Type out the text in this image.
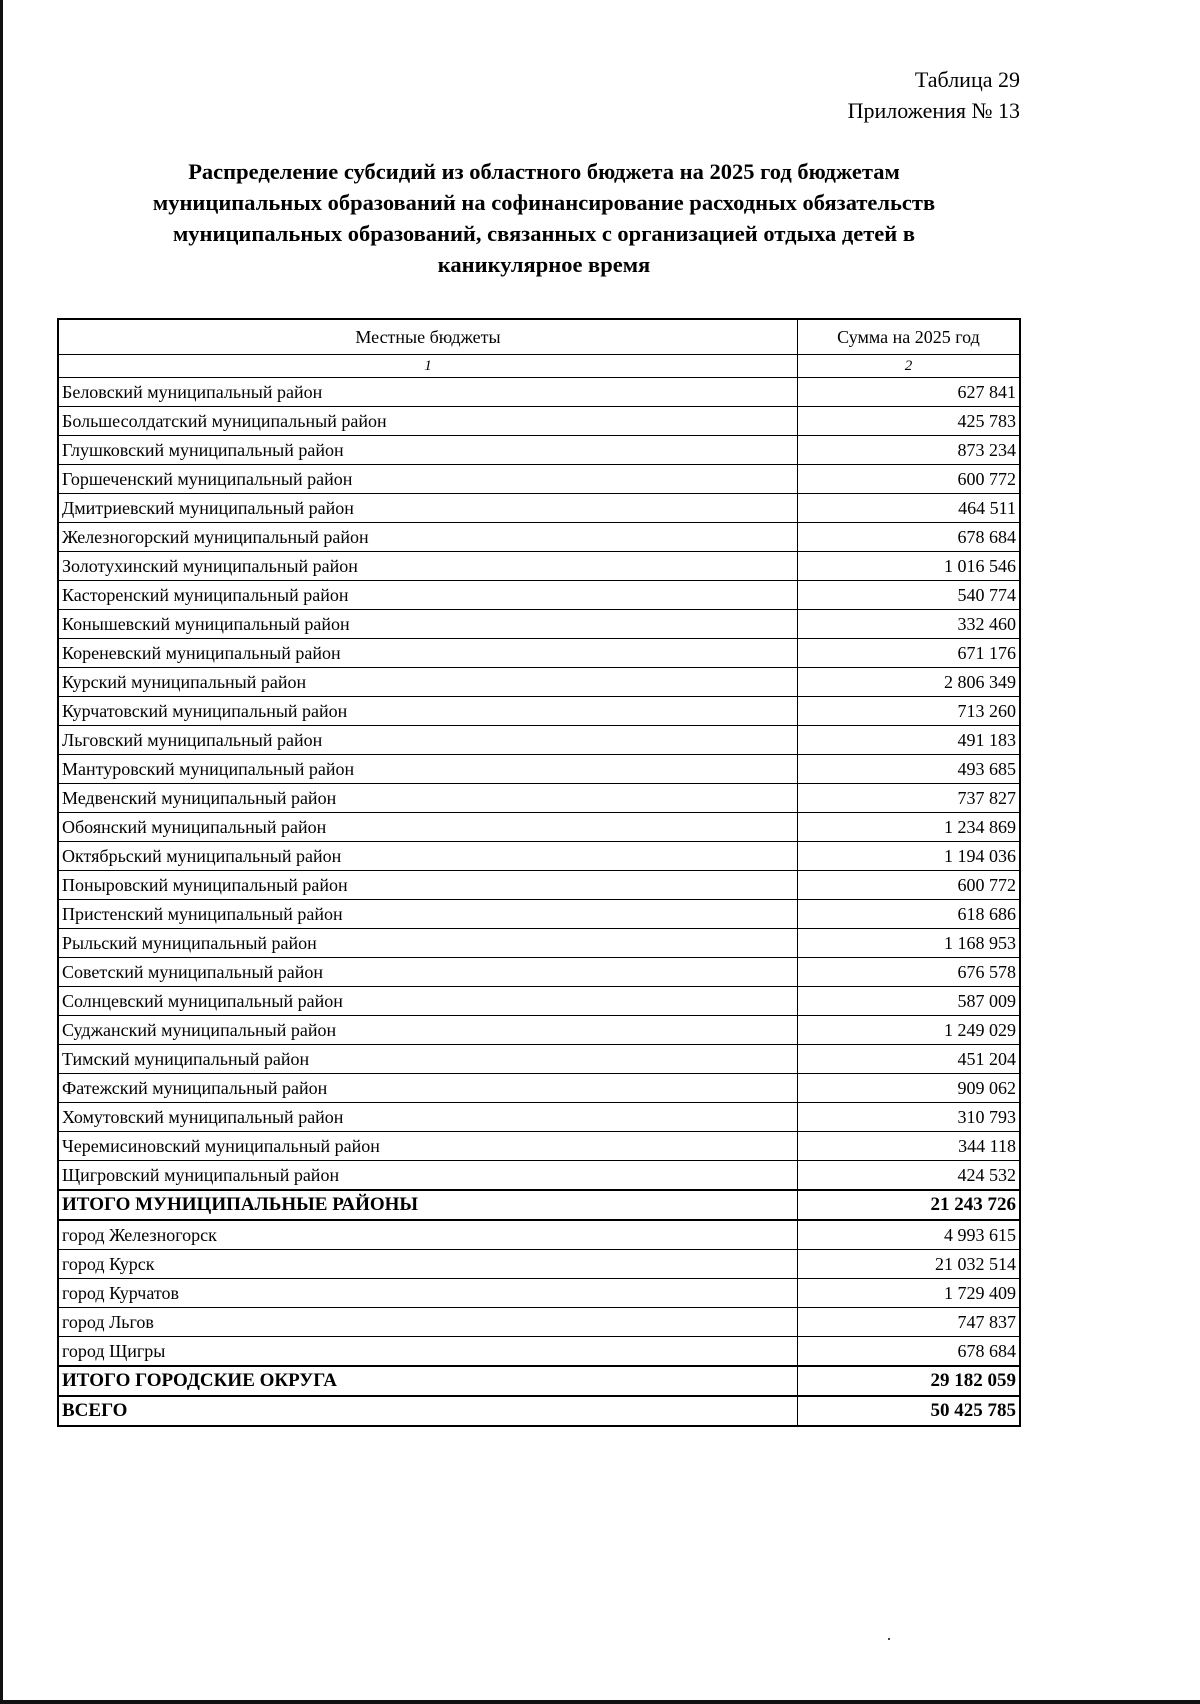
Таблица 29
Приложения № 13
Распределение субсидий из областного бюджета на 2025 год бюджетам
муниципальных образований на софинансирование расходных обязательств
муниципальных образований, связанных с организацией отдыха детей в
каникулярное время
Местные бюджеты	Сумма на 2025 год
1	2
Беловский муниципальный район	627 841
Большесолдатский муниципальный район	425 783
Глушковский муниципальный район	873 234
Горшеченский муниципальный район	600 772
Дмитриевский муниципальный район	464 511
Железногорский муниципальный район	678 684
Золотухинский муниципальный район	1 016 546
Касторенский муниципальный район	540 774
Конышевский муниципальный район	332 460
Кореневский муниципальный район	671 176
Курский муниципальный район	2 806 349
Курчатовский муниципальный район	713 260
Льговский муниципальный район	491 183
Мантуровский муниципальный район	493 685
Медвенский муниципальный район	737 827
Обоянский муниципальный район	1 234 869
Октябрьский муниципальный район	1 194 036
Поныровский муниципальный район	600 772
Пристенский муниципальный район	618 686
Рыльский муниципальный район	1 168 953
Советский муниципальный район	676 578
Солнцевский муниципальный район	587 009
Суджанский муниципальный район	1 249 029
Тимский муниципальный район	451 204
Фатежский муниципальный район	909 062
Хомутовский муниципальный район	310 793
Черемисиновский муниципальный район	344 118
Щигровский муниципальный район	424 532
ИТОГО МУНИЦИПАЛЬНЫЕ РАЙОНЫ	21 243 726
город Железногорск	4 993 615
город Курск	21 032 514
город Курчатов	1 729 409
город Льгов	747 837
город Щигры	678 684
ИТОГО ГОРОДСКИЕ ОКРУГА	29 182 059
ВСЕГО	50 425 785
